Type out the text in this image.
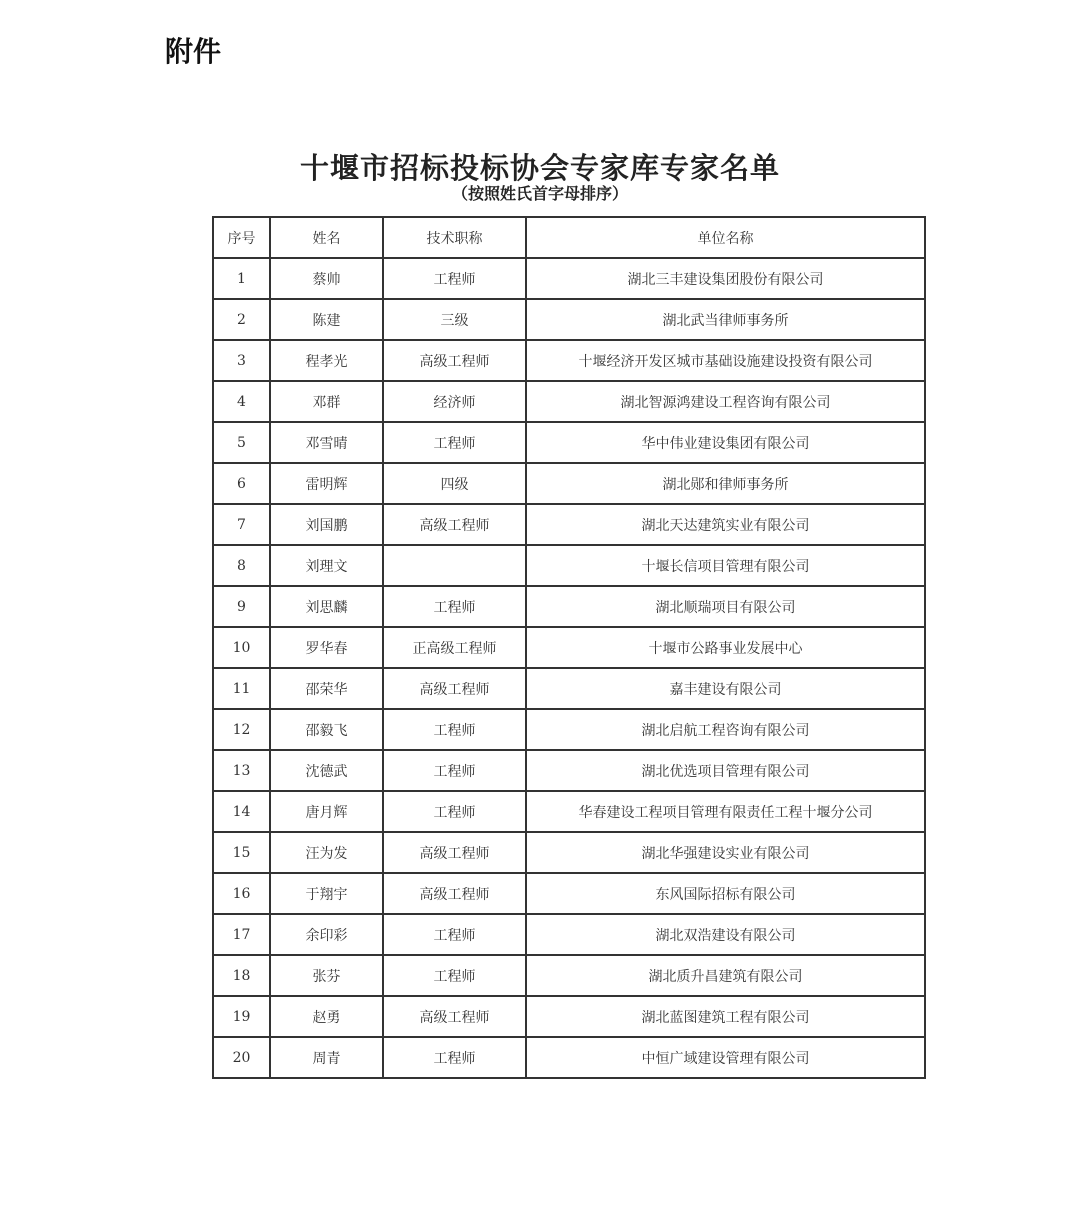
附件
十堰市招标投标协会专家库专家名单
（按照姓氏首字母排序）
序号	姓名	技术职称	单位名称
1	蔡帅	工程师	湖北三丰建设集团股份有限公司
2	陈建	三级	湖北武当律师事务所
3	程孝光	高级工程师	十堰经济开发区城市基础设施建设投资有限公司
4	邓群	经济师	湖北智源鸿建设工程咨询有限公司
5	邓雪晴	工程师	华中伟业建设集团有限公司
6	雷明辉	四级	湖北郧和律师事务所
7	刘国鹏	高级工程师	湖北天达建筑实业有限公司
8	刘理文		十堰长信项目管理有限公司
9	刘思麟	工程师	湖北顺瑞项目有限公司
10	罗华春	正高级工程师	十堰市公路事业发展中心
11	邵荣华	高级工程师	嘉丰建设有限公司
12	邵毅飞	工程师	湖北启航工程咨询有限公司
13	沈德武	工程师	湖北优选项目管理有限公司
14	唐月辉	工程师	华春建设工程项目管理有限责任工程十堰分公司
15	汪为发	高级工程师	湖北华强建设实业有限公司
16	于翔宇	高级工程师	东风国际招标有限公司
17	余印彩	工程师	湖北双浩建设有限公司
18	张芬	工程师	湖北质升昌建筑有限公司
19	赵勇	高级工程师	湖北蓝图建筑工程有限公司
20	周青	工程师	中恒广域建设管理有限公司
